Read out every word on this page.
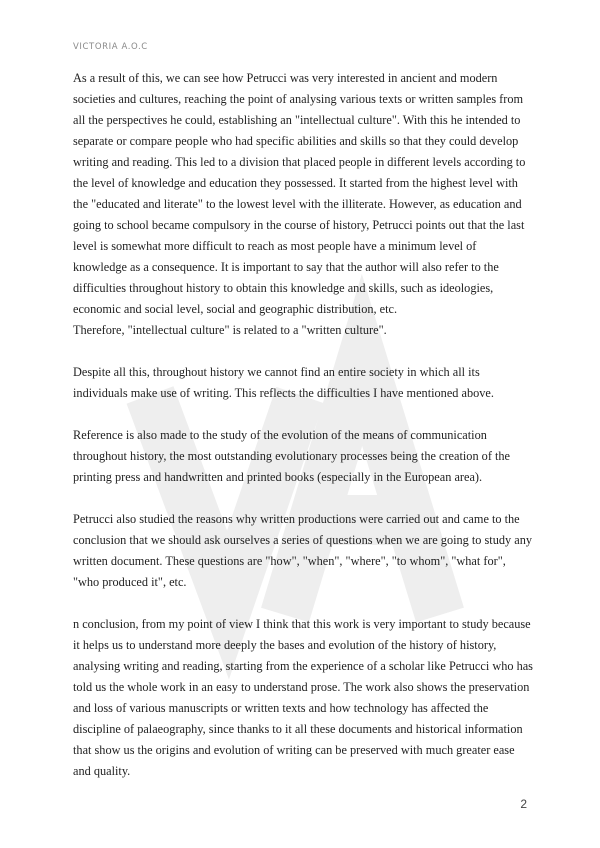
VICTORIA A.O.C

As a result of this, we can see how Petrucci was very interested in ancient and modern societies and cultures, reaching the point of analysing various texts or written samples from all the perspectives he could, establishing an "intellectual culture". With this he intended to separate or compare people who had specific abilities and skills so that they could develop writing and reading. This led to a division that placed people in different levels according to the level of knowledge and education they possessed. It started from the highest level with the "educated and literate" to the lowest level with the illiterate. However, as education and going to school became compulsory in the course of history, Petrucci points out that the last level is somewhat more difficult to reach as most people have a minimum level of knowledge as a consequence. It is important to say that the author will also refer to the difficulties throughout history to obtain this knowledge and skills, such as ideologies, economic and social level, social and geographic distribution, etc.

Therefore, "intellectual culture" is related to a "written culture".

Despite all this, throughout history we cannot find an entire society in which all its individuals make use of writing. This reflects the difficulties I have mentioned above.

Reference is also made to the study of the evolution of the means of communication throughout history, the most outstanding evolutionary processes being the creation of the printing press and handwritten and printed books (especially in the European area).

Petrucci also studied the reasons why written productions were carried out and came to the conclusion that we should ask ourselves a series of questions when we are going to study any written document. These questions are "how", "when", "where", "to whom", "what for", "who produced it", etc.

n conclusion, from my point of view I think that this work is very important to study because it helps us to understand more deeply the bases and evolution of the history of history, analysing writing and reading, starting from the experience of a scholar like Petrucci who has told us the whole work in an easy to understand prose. The work also shows the preservation and loss of various manuscripts or written texts and how technology has affected the discipline of palaeography, since thanks to it all these documents and historical information that show us the origins and evolution of writing can be preserved with much greater ease and quality.

2
